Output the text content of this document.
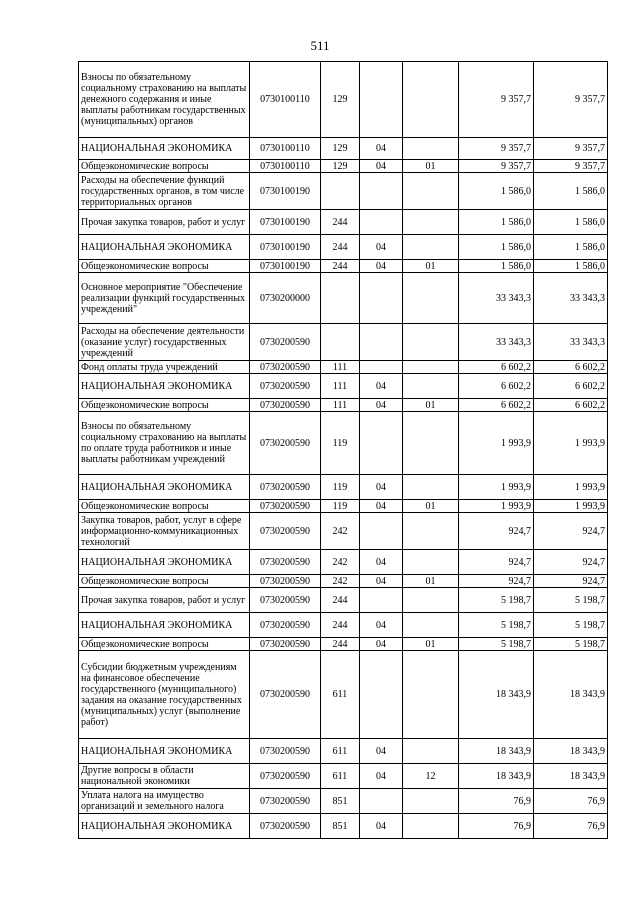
511
Взносы по обязательному социальному страхованию на выплаты денежного содержания и иные выплаты работникам государственных (муниципальных) органов	0730100110	129			9 357,7	9 357,7
НАЦИОНАЛЬНАЯ ЭКОНОМИКА	0730100110	129	04		9 357,7	9 357,7
Общеэкономические вопросы	0730100110	129	04	01	9 357,7	9 357,7
Расходы на обеспечение функций государственных органов, в том числе территориальных органов	0730100190				1 586,0	1 586,0
Прочая закупка товаров, работ и услуг	0730100190	244			1 586,0	1 586,0
НАЦИОНАЛЬНАЯ ЭКОНОМИКА	0730100190	244	04		1 586,0	1 586,0
Общеэкономические вопросы	0730100190	244	04	01	1 586,0	1 586,0
Основное мероприятие "Обеспечение реализации функций государственных учреждений"	0730200000				33 343,3	33 343,3
Расходы на обеспечение деятельности (оказание услуг) государственных учреждений	0730200590				33 343,3	33 343,3
Фонд оплаты труда учреждений	0730200590	111			6 602,2	6 602,2
НАЦИОНАЛЬНАЯ ЭКОНОМИКА	0730200590	111	04		6 602,2	6 602,2
Общеэкономические вопросы	0730200590	111	04	01	6 602,2	6 602,2
Взносы по обязательному социальному страхованию на выплаты по оплате труда работников и иные выплаты работникам учреждений	0730200590	119			1 993,9	1 993,9
НАЦИОНАЛЬНАЯ ЭКОНОМИКА	0730200590	119	04		1 993,9	1 993,9
Общеэкономические вопросы	0730200590	119	04	01	1 993,9	1 993,9
Закупка товаров, работ, услуг в сфере информационно-коммуникационных технологий	0730200590	242			924,7	924,7
НАЦИОНАЛЬНАЯ ЭКОНОМИКА	0730200590	242	04		924,7	924,7
Общеэкономические вопросы	0730200590	242	04	01	924,7	924,7
Прочая закупка товаров, работ и услуг	0730200590	244			5 198,7	5 198,7
НАЦИОНАЛЬНАЯ ЭКОНОМИКА	0730200590	244	04		5 198,7	5 198,7
Общеэкономические вопросы	0730200590	244	04	01	5 198,7	5 198,7
Субсидии бюджетным учреждениям на финансовое обеспечение государственного (муниципального) задания на оказание государственных (муниципальных) услуг (выполнение работ)	0730200590	611			18 343,9	18 343,9
НАЦИОНАЛЬНАЯ ЭКОНОМИКА	0730200590	611	04		18 343,9	18 343,9
Другие вопросы в области национальной экономики	0730200590	611	04	12	18 343,9	18 343,9
Уплата налога на имущество организаций и земельного налога	0730200590	851			76,9	76,9
НАЦИОНАЛЬНАЯ ЭКОНОМИКА	0730200590	851	04		76,9	76,9
